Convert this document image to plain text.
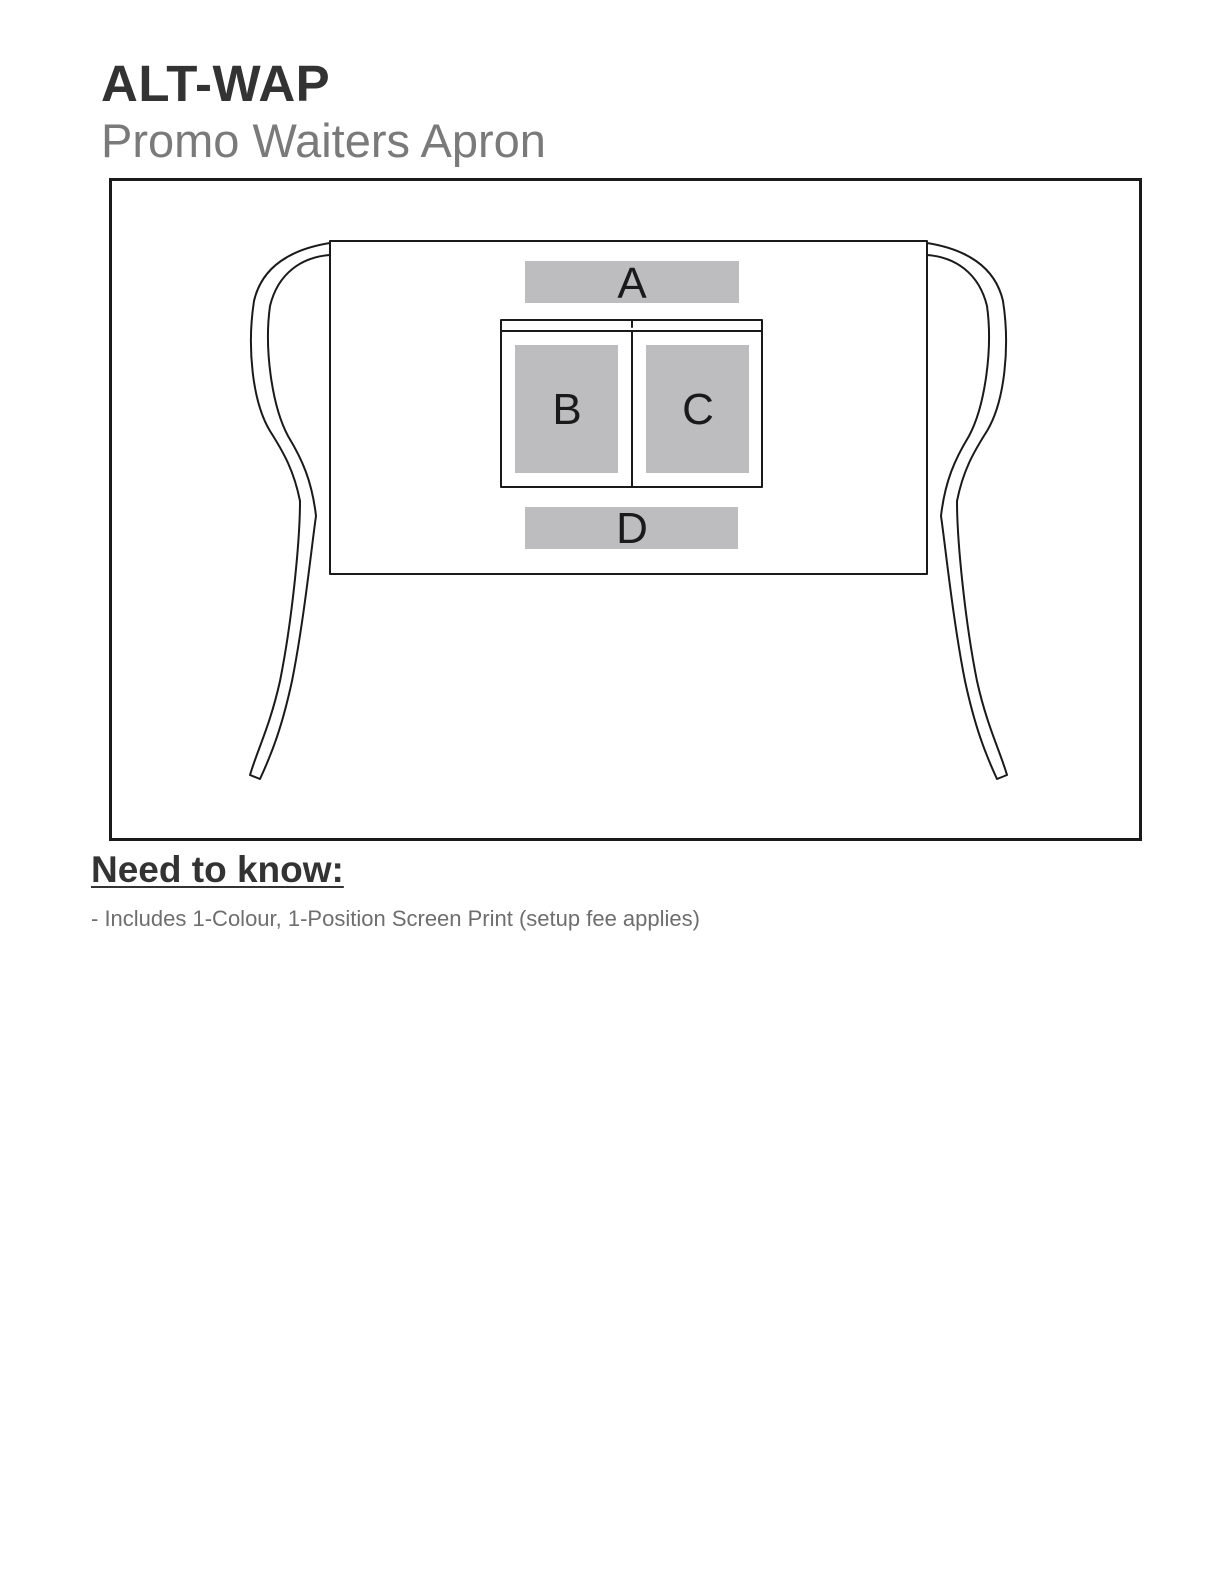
ALT-WAP
Promo Waiters Apron
A
B C
D
Need to know:
- Includes 1-Colour, 1-Position Screen Print (setup fee applies)
